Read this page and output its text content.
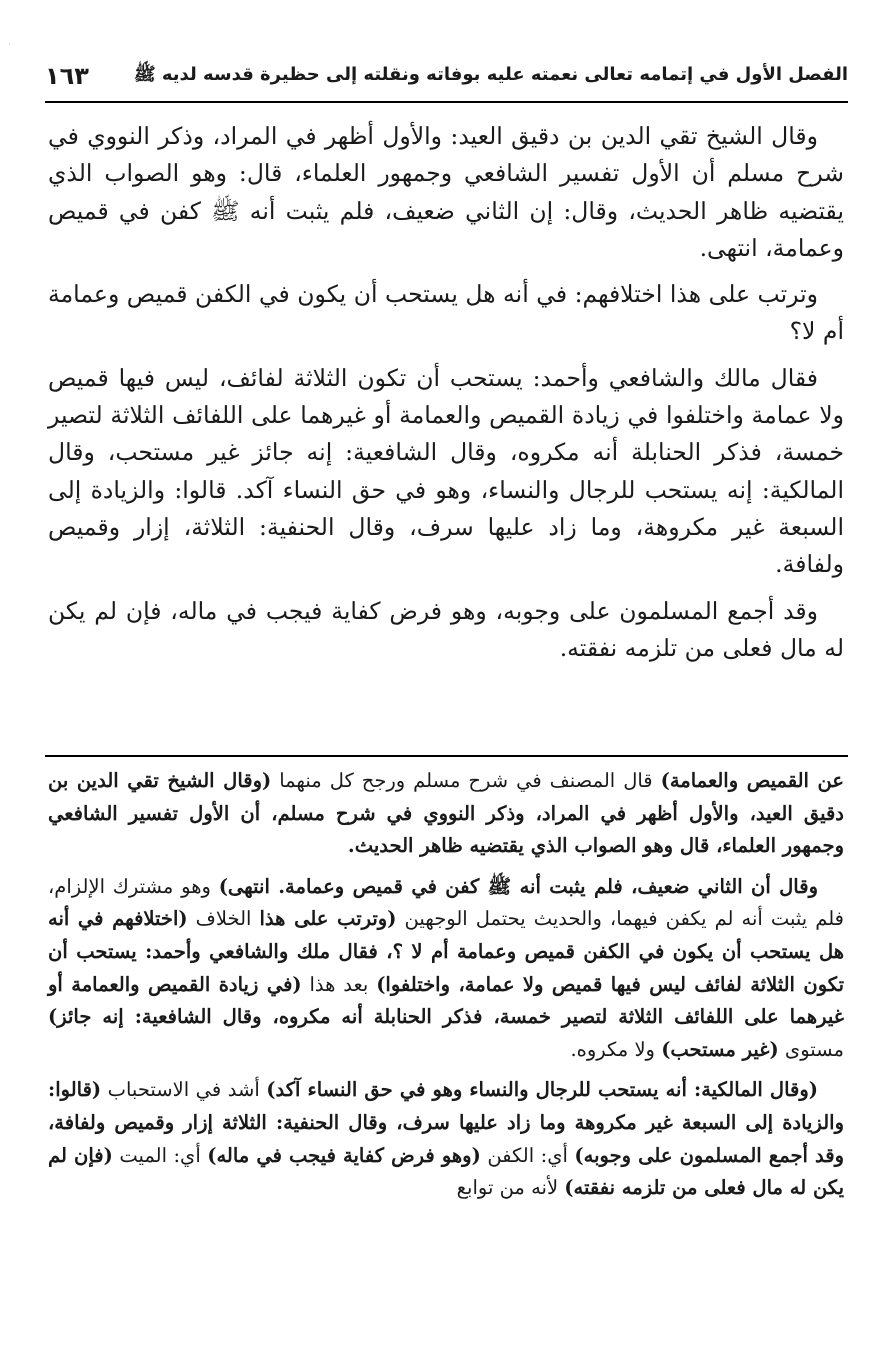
·
الفصل الأول في إتمامه تعالى نعمته عليه بوفاته ونقلته إلى حظيرة قدسه لديه ﷺ
١٦٣

وقال الشيخ تقي الدين بن دقيق العيد: والأول أظهر في المراد، وذكر النووي في شرح مسلم أن الأول تفسير الشافعي وجمهور العلماء، قال: وهو الصواب الذي يقتضيه ظاهر الحديث، وقال: إن الثاني ضعيف، فلم يثبت أنه ﷺ كفن في قميص وعمامة، انتهى.

وترتب على هذا اختلافهم: في أنه هل يستحب أن يكون في الكفن قميص وعمامة أم لا؟

فقال مالك والشافعي وأحمد: يستحب أن تكون الثلاثة لفائف، ليس فيها قميص ولا عمامة واختلفوا في زيادة القميص والعمامة أو غيرهما على اللفائف الثلاثة لتصير خمسة، فذكر الحنابلة أنه مكروه، وقال الشافعية: إنه جائز غير مستحب، وقال المالكية: إنه يستحب للرجال والنساء، وهو في حق النساء آكد. قالوا: والزيادة إلى السبعة غير مكروهة، وما زاد عليها سرف، وقال الحنفية: الثلاثة، إزار وقميص ولفافة.

وقد أجمع المسلمون على وجوبه، وهو فرض كفاية فيجب في ماله، فإن لم يكن له مال فعلى من تلزمه نفقته.

عن القميص والعمامة) قال المصنف في شرح مسلم ورجح كل منهما (وقال الشيخ تقي الدين بن دقيق العيد، والأول أظهر في المراد، وذكر النووي في شرح مسلم، أن الأول تفسير الشافعي وجمهور العلماء، قال وهو الصواب الذي يقتضيه ظاهر الحديث.

وقال أن الثاني ضعيف، فلم يثبت أنه ﷺ كفن في قميص وعمامة. انتهى) وهو مشترك الإلزام، فلم يثبت أنه لم يكفن فيهما، والحديث يحتمل الوجهين (وترتب على هذا الخلاف (اختلافهم في أنه هل يستحب أن يكون في الكفن قميص وعمامة أم لا ؟، فقال ملك والشافعي وأحمد: يستحب أن تكون الثلاثة لفائف ليس فيها قميص ولا عمامة، واختلفوا) بعد هذا (في زيادة القميص والعمامة أو غيرهما على اللفائف الثلاثة لتصير خمسة، فذكر الحنابلة أنه مكروه، وقال الشافعية: إنه جائز) مستوى (غير مستحب) ولا مكروه.

(وقال المالكية: أنه يستحب للرجال والنساء وهو في حق النساء آكد) أشد في الاستحباب (قالوا: والزيادة إلى السبعة غير مكروهة وما زاد عليها سرف، وقال الحنفية: الثلاثة إزار وقميص ولفافة، وقد أجمع المسلمون على وجوبه) أي: الكفن (وهو فرض كفاية فيجب في ماله) أي: الميت (فإن لم يكن له مال فعلى من تلزمه نفقته) لأنه من توابع
